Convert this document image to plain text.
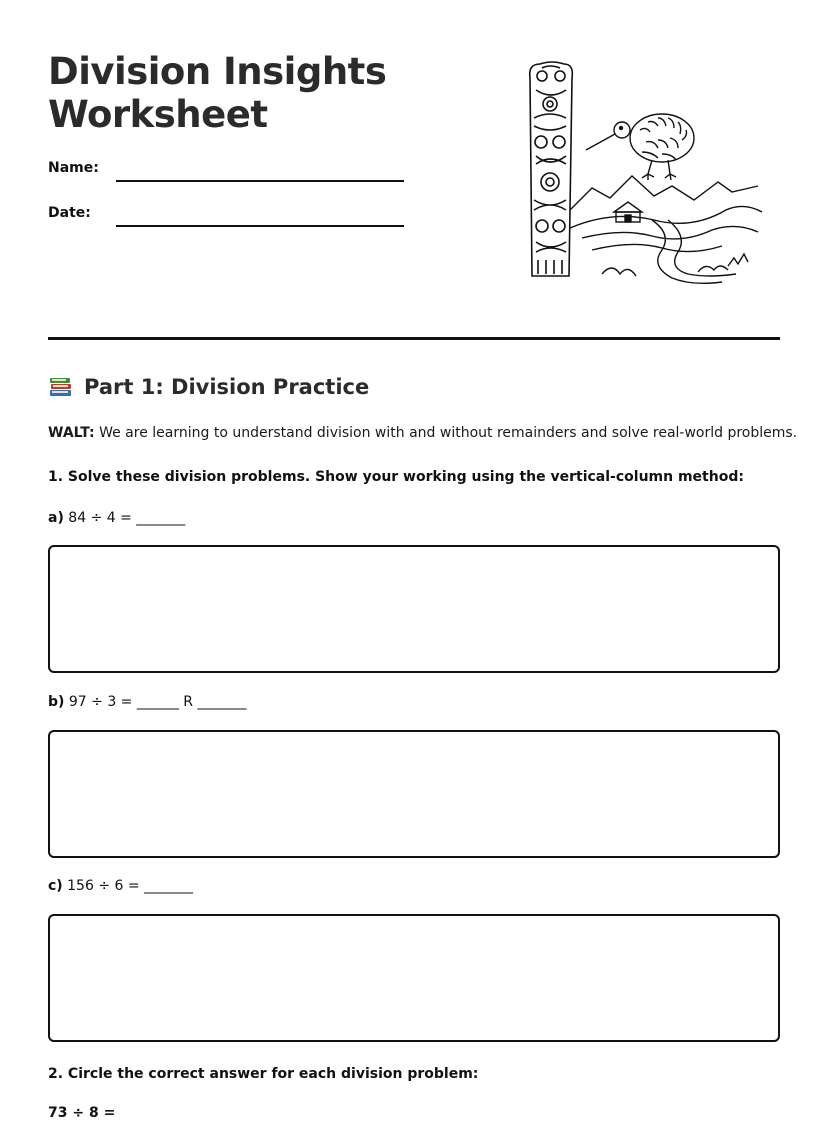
Division Insights
Worksheet
Name:
Date:
Part 1: Division Practice
WALT: We are learning to understand division with and without remainders and solve real-world problems.
1. Solve these division problems. Show your working using the vertical-column method:
a) 84 ÷ 4 = _______
b) 97 ÷ 3 = ______ R _______
c) 156 ÷ 6 = _______
2. Circle the correct answer for each division problem:
73 ÷ 8 =
